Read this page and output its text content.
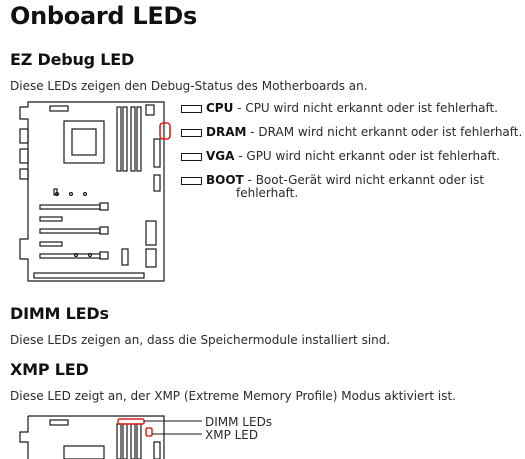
Onboard LEDs
EZ Debug LED

Diese LEDs zeigen den Debug-Status des Motherboards an.

CPU - CPU wird nicht erkannt oder ist fehlerhaft.
DRAM - DRAM wird nicht erkannt oder ist fehlerhaft.
VGA - GPU wird nicht erkannt oder ist fehlerhaft.
BOOT - Boot-Gerät wird nicht erkannt oder ist
fehlerhaft.
DIMM LEDs

Diese LEDs zeigen an, dass die Speichermodule installiert sind.

XMP LED

Diese LED zeigt an, der XMP (Extreme Memory Profile) Modus aktiviert ist.

DIMM LEDs
XMP LED
